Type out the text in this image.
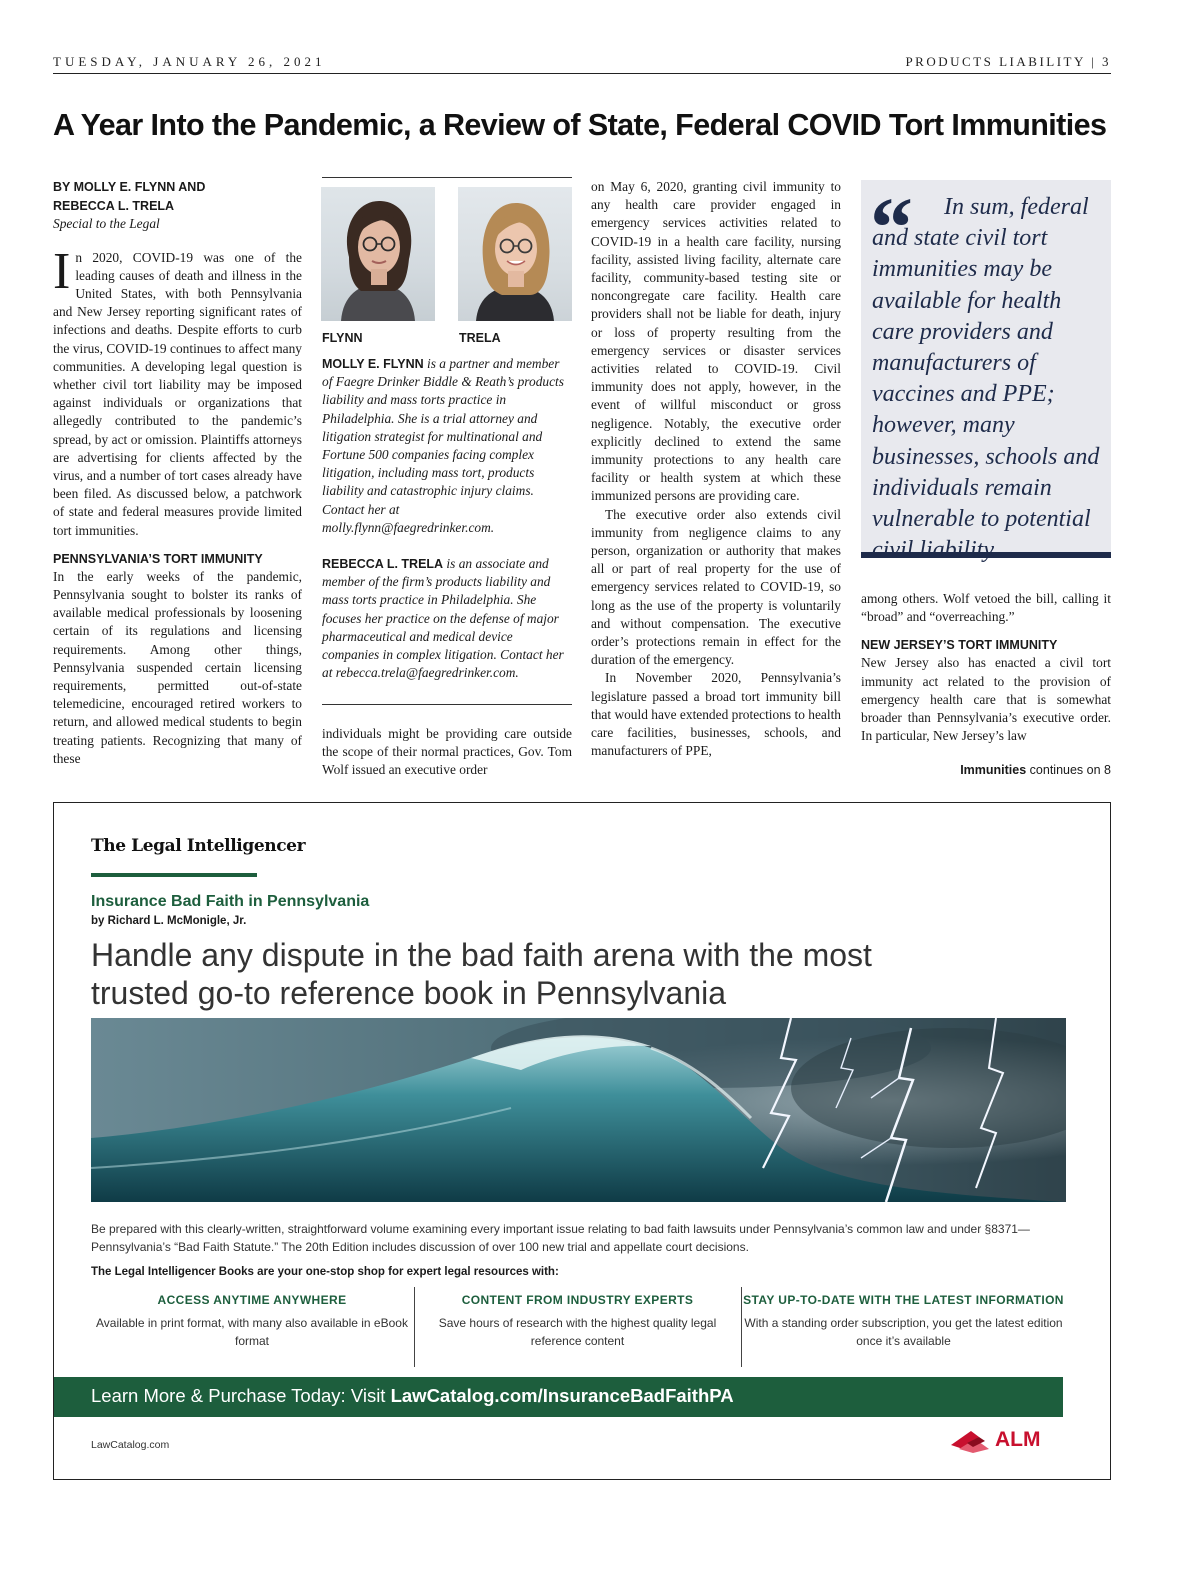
TUESDAY, JANUARY 26, 2021	PRODUCTS LIABILITY | 3
A Year Into the Pandemic, a Review of State, Federal COVID Tort Immunities
BY MOLLY E. FLYNN AND
REBECCA L. TRELA
Special to the Legal

In 2020, COVID-19 was one of the leading causes of death and illness in the United States, with both Pennsylvania and New Jersey reporting significant rates of infections and deaths. Despite efforts to curb the virus, COVID-19 continues to affect many communities. A developing legal question is whether civil tort liability may be imposed against individuals or organizations that allegedly contributed to the pandemic’s spread, by act or omission. Plaintiffs attorneys are advertising for clients affected by the virus, and a number of tort cases already have been filed. As discussed below, a patchwork of state and federal measures provide limited tort immunities.

PENNSYLVANIA’S TORT IMMUNITY

In the early weeks of the pandemic, Pennsylvania sought to bolster its ranks of available medical professionals by loosening certain of its regulations and licensing requirements. Among other things, Pennsylvania suspended certain licensing requirements, permitted out-of-state telemedicine, encouraged retired workers to return, and allowed medical students to begin treating patients. Recognizing that many of these

FLYNN	TRELA
MOLLY E. FLYNN is a partner and member of Faegre Drinker Biddle & Reath’s products liability and mass torts practice in Philadelphia. She is a trial attorney and litigation strategist for multinational and Fortune 500 companies facing complex litigation, including mass tort, products liability and catastrophic injury claims. Contact her at molly.flynn@faegredrinker.com.
REBECCA L. TRELA is an associate and member of the firm’s products liability and mass torts practice in Philadelphia. She focuses her practice on the defense of major pharmaceutical and medical device companies in complex litigation. Contact her at rebecca.trela@faegredrinker.com.
individuals might be providing care outside the scope of their normal practices, Gov. Tom Wolf issued an executive order

on May 6, 2020, granting civil immunity to any health care provider engaged in emergency services activities related to COVID-19 in a health care facility, nursing facility, assisted living facility, alternate care facility, community-based testing site or noncongregate care facility. Health care providers shall not be liable for death, injury or loss of property resulting from the emergency services or disaster services activities related to COVID-19. Civil immunity does not apply, however, in the event of willful misconduct or gross negligence. Notably, the executive order explicitly declined to extend the same immunity protections to any health care facility or health system at which these immunized persons are providing care.

The executive order also extends civil immunity from negligence claims to any person, organization or authority that makes all or part of real property for the use of emergency services related to COVID-19, so long as the use of the property is voluntarily and without compensation. The executive order’s protections remain in effect for the duration of the emergency.

In November 2020, Pennsylvania’s legislature passed a broad tort immunity bill that would have extended protections to health care facilities, businesses, schools, and manufacturers of PPE,

“	In sum, federal and state civil tort immunities may be available for health care providers and manufacturers of vaccines and PPE; however, many businesses, schools and individuals remain vulnerable to potential civil liability.

among others. Wolf vetoed the bill, calling it “broad” and “overreaching.”

NEW JERSEY’S TORT IMMUNITY

New Jersey also has enacted a civil tort immunity act related to the provision of emergency health care that is somewhat broader than Pennsylvania’s executive order. In particular, New Jersey’s law

Immunities continues on 8
The Legal Intelligencer
Insurance Bad Faith in Pennsylvania
by Richard L. McMonigle, Jr.
Handle any dispute in the bad faith arena with the most trusted go-to reference book in Pennsylvania
Be prepared with this clearly-written, straightforward volume examining every important issue relating to bad faith lawsuits under Pennsylvania’s common law and under §8371—Pennsylvania’s “Bad Faith Statute.” The 20th Edition includes discussion of over 100 new trial and appellate court decisions.
The Legal Intelligencer Books are your one-stop shop for expert legal resources with:
ACCESS ANYTIME ANYWHERE
Available in print format, with many also available in eBook format
CONTENT FROM INDUSTRY EXPERTS
Save hours of research with the highest quality legal reference content
STAY UP-TO-DATE WITH THE LATEST INFORMATION
With a standing order subscription, you get the latest edition once it’s available
Learn More & Purchase Today: Visit LawCatalog.com/InsuranceBadFaithPA
LawCatalog.com	ALM
